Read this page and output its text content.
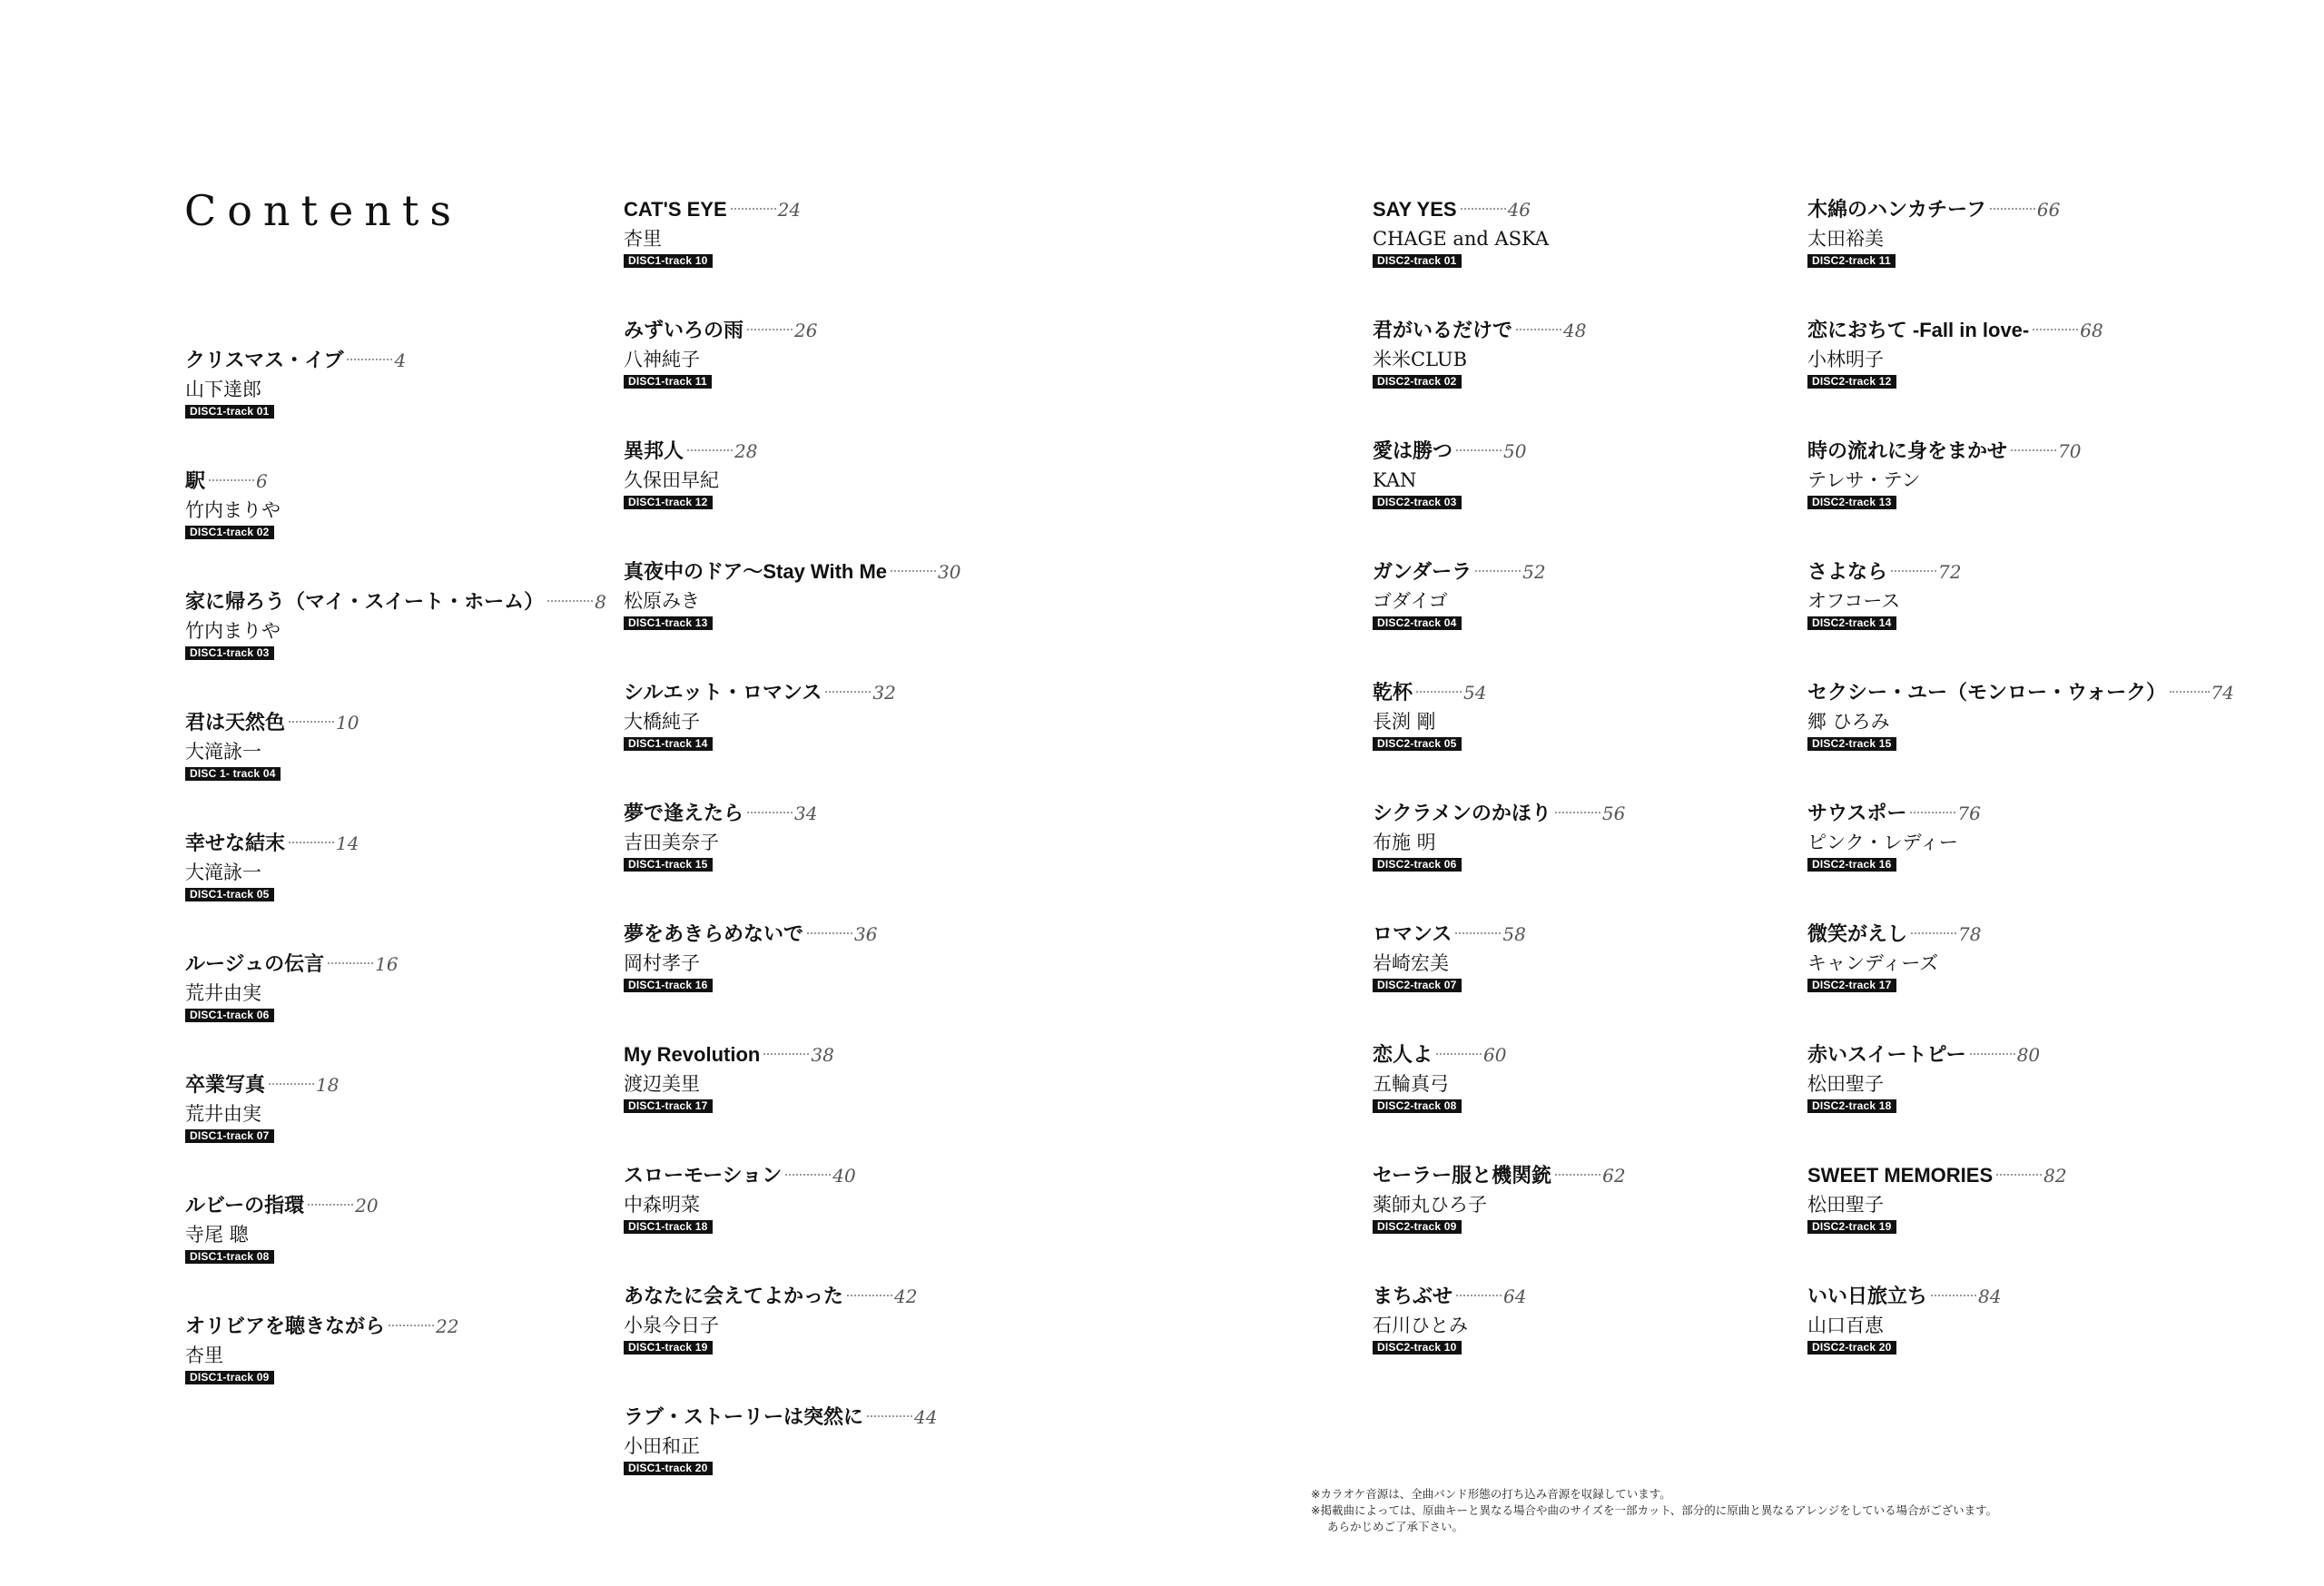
Contents
クリスマス・イブ	4
山下達郎
DISC1-track 01
駅	6
竹内まりや
DISC1-track 02
家に帰ろう（マイ・スイート・ホーム）	8
竹内まりや
DISC1-track 03
君は天然色	10
大滝詠一
DISC 1- track 04
幸せな結末	14
大滝詠一
DISC1-track 05
ルージュの伝言	16
荒井由実
DISC1-track 06
卒業写真	18
荒井由実
DISC1-track 07
ルビーの指環	20
寺尾 聰
DISC1-track 08
オリビアを聴きながら	22
杏里
DISC1-track 09
CAT'S EYE	24
杏里
DISC1-track 10
みずいろの雨	26
八神純子
DISC1-track 11
異邦人	28
久保田早紀
DISC1-track 12
真夜中のドア〜Stay With Me	30
松原みき
DISC1-track 13
シルエット・ロマンス	32
大橋純子
DISC1-track 14
夢で逢えたら	34
吉田美奈子
DISC1-track 15
夢をあきらめないで	36
岡村孝子
DISC1-track 16
My Revolution	38
渡辺美里
DISC1-track 17
スローモーション	40
中森明菜
DISC1-track 18
あなたに会えてよかった	42
小泉今日子
DISC1-track 19
ラブ・ストーリーは突然に	44
小田和正
DISC1-track 20
SAY YES	46
CHAGE and ASKA
DISC2-track 01
君がいるだけで	48
米米CLUB
DISC2-track 02
愛は勝つ	50
KAN
DISC2-track 03
ガンダーラ	52
ゴダイゴ
DISC2-track 04
乾杯	54
長渕 剛
DISC2-track 05
シクラメンのかほり	56
布施 明
DISC2-track 06
ロマンス	58
岩崎宏美
DISC2-track 07
恋人よ	60
五輪真弓
DISC2-track 08
セーラー服と機関銃	62
薬師丸ひろ子
DISC2-track 09
まちぶせ	64
石川ひとみ
DISC2-track 10
木綿のハンカチーフ	66
太田裕美
DISC2-track 11
恋におちて -Fall in love-	68
小林明子
DISC2-track 12
時の流れに身をまかせ	70
テレサ・テン
DISC2-track 13
さよなら	72
オフコース
DISC2-track 14
セクシー・ユー（モンロー・ウォーク） 74
郷 ひろみ
DISC2-track 15
サウスポー	76
ピンク・レディー
DISC2-track 16
微笑がえし	78
キャンディーズ
DISC2-track 17
赤いスイートピー	80
松田聖子
DISC2-track 18
SWEET MEMORIES	82
松田聖子
DISC2-track 19
いい日旅立ち	84
山口百恵
DISC2-track 20
※カラオケ音源は、全曲バンド形態の打ち込み音源を収録しています。
※掲載曲によっては、原曲キーと異なる場合や曲のサイズを一部カット、部分的に原曲と異なるアレンジをしている場合がございます。
あらかじめご了承下さい。
